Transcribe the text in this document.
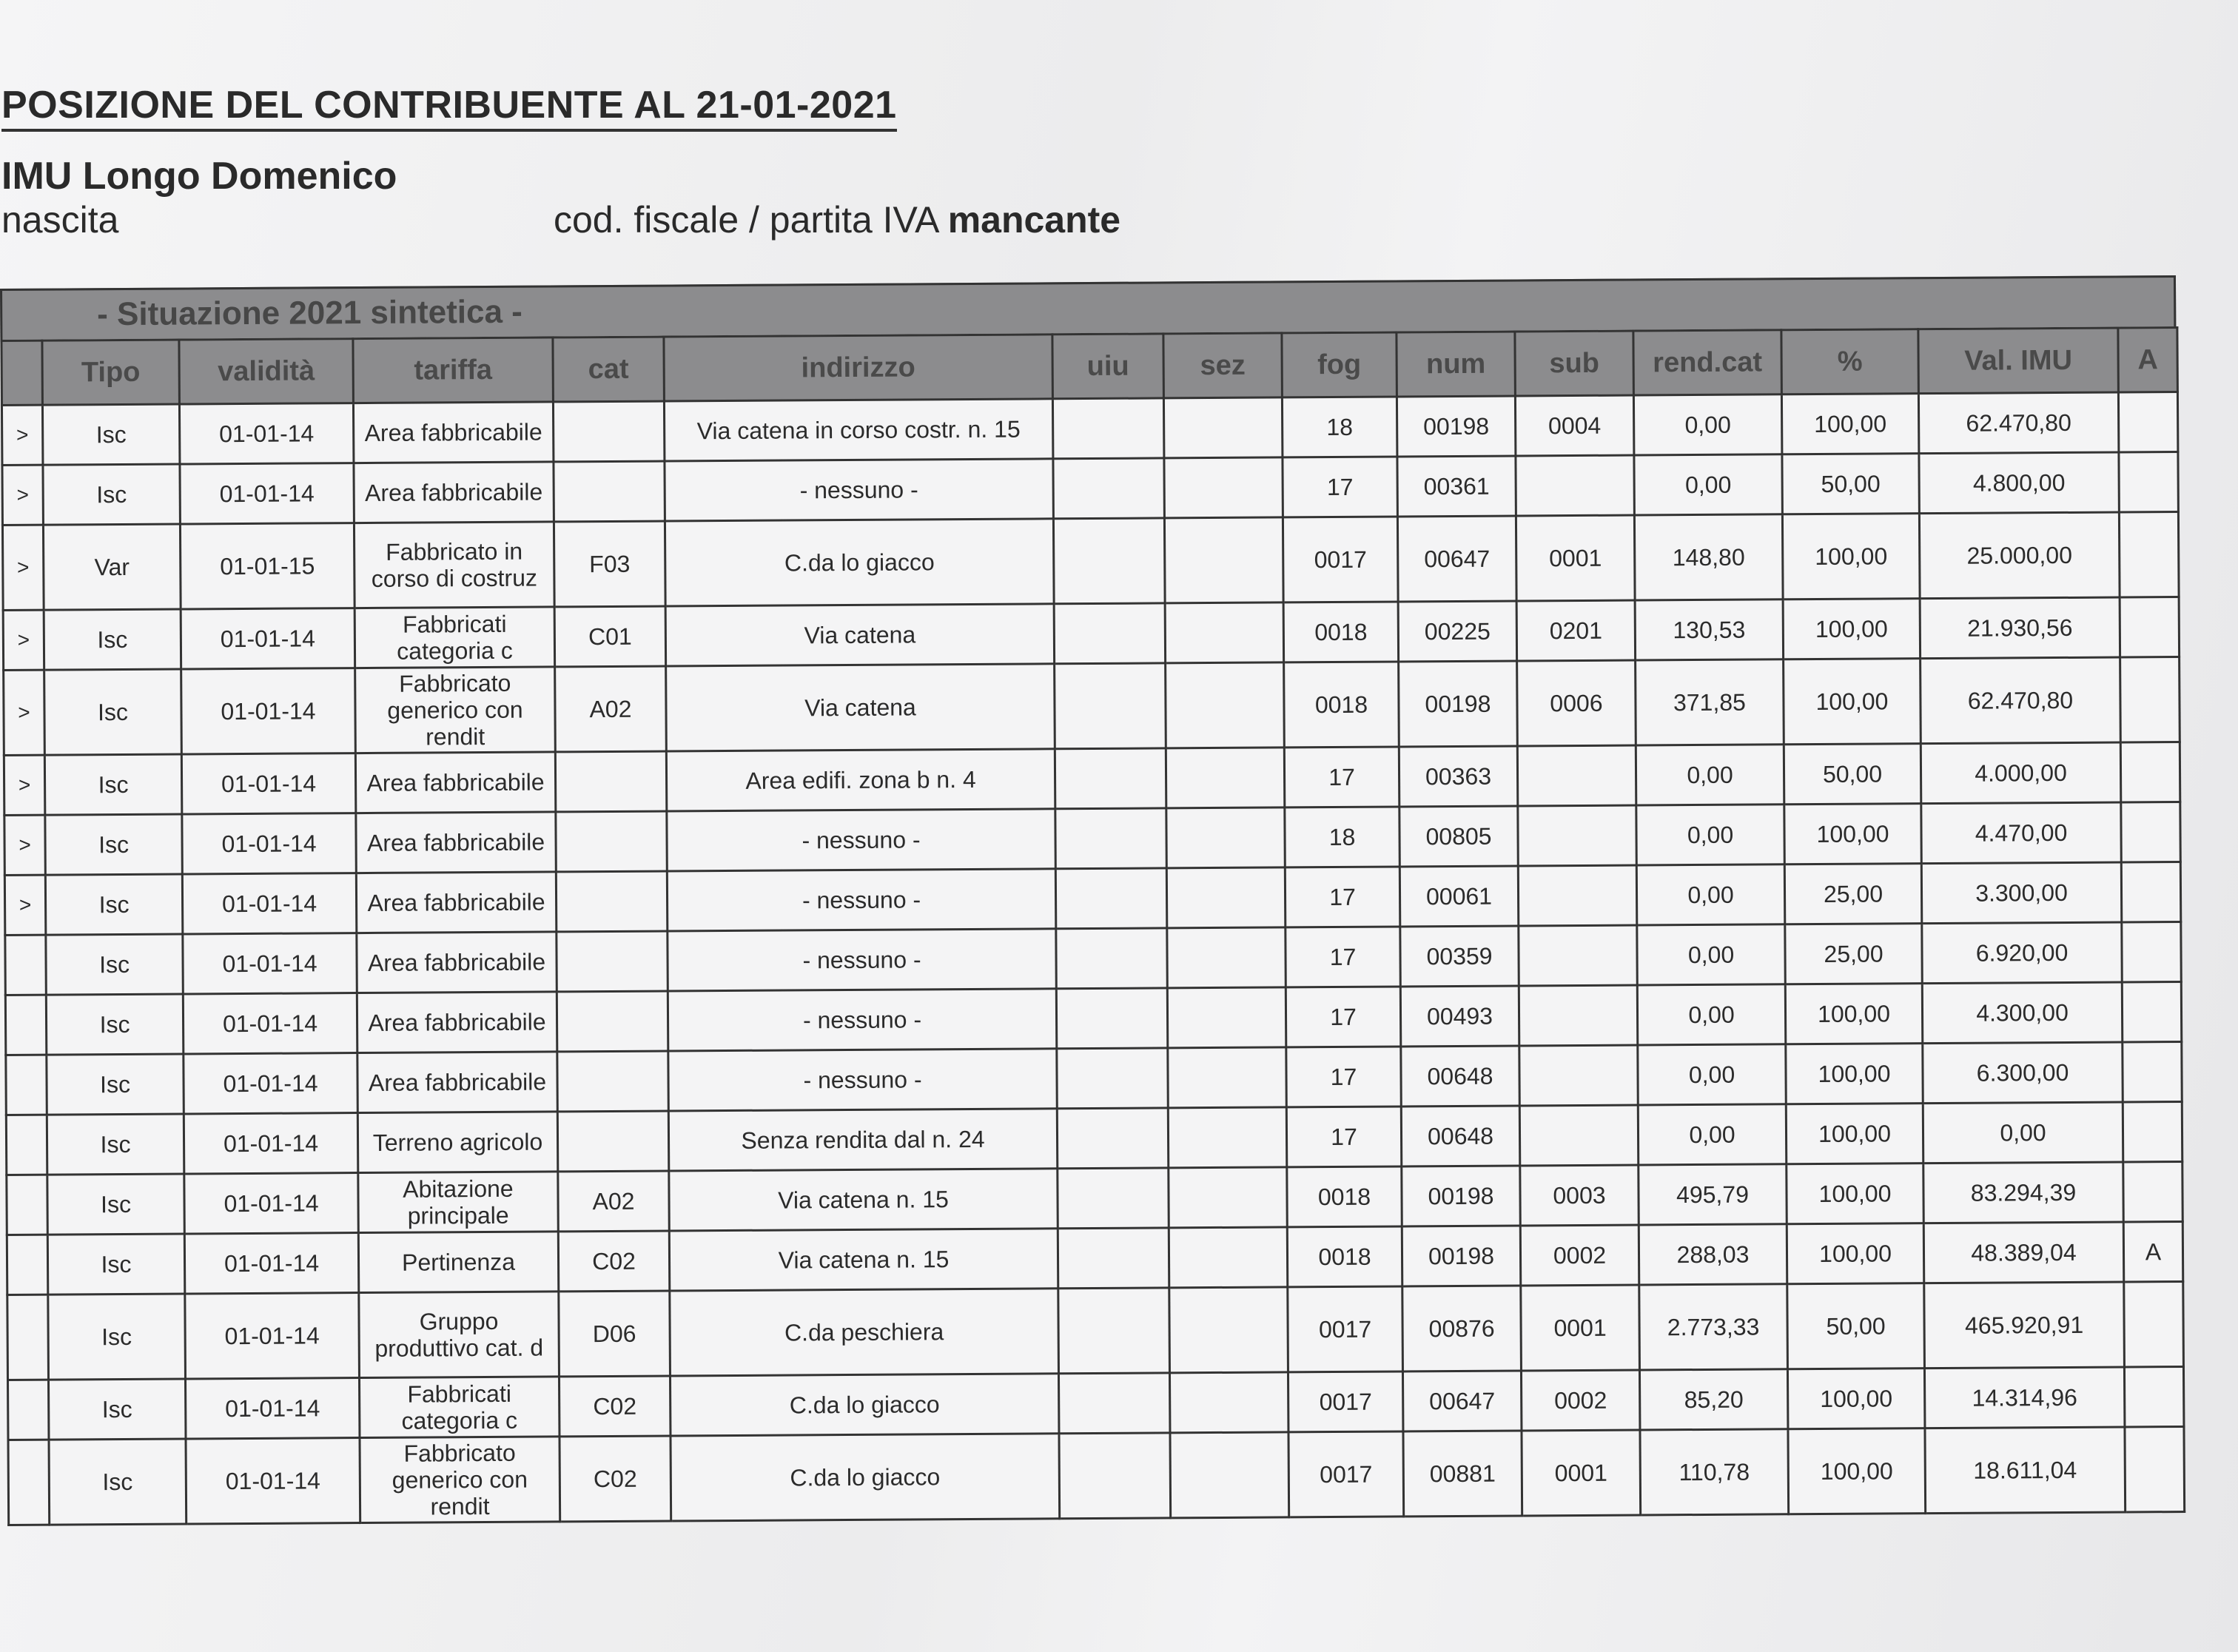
POSIZIONE DEL CONTRIBUENTE AL 21-01-2021
IMU Longo Domenico
nascita	cod. fiscale / partita IVA mancante
- Situazione 2021 sintetica -
	Tipo	validità	tariffa	cat	indirizzo	uiu	sez	fog	num	sub	rend.cat	%	Val. IMU	A
>	Isc	01-01-14	Area fabbricabile		Via catena in corso costr. n. 15			18	00198	0004	0,00	100,00	62.470,80	
>	Isc	01-01-14	Area fabbricabile		- nessuno -			17	00361		0,00	50,00	4.800,00	
>	Var	01-01-15	Fabbricato in corso di costruz	F03	C.da lo giacco			0017	00647	0001	148,80	100,00	25.000,00	
>	Isc	01-01-14	Fabbricati categoria c	C01	Via catena			0018	00225	0201	130,53	100,00	21.930,56	
>	Isc	01-01-14	Fabbricato generico con rendit	A02	Via catena			0018	00198	0006	371,85	100,00	62.470,80	
>	Isc	01-01-14	Area fabbricabile		Area edifi. zona b n. 4			17	00363		0,00	50,00	4.000,00	
>	Isc	01-01-14	Area fabbricabile		- nessuno -			18	00805		0,00	100,00	4.470,00	
>	Isc	01-01-14	Area fabbricabile		- nessuno -			17	00061		0,00	25,00	3.300,00	
	Isc	01-01-14	Area fabbricabile		- nessuno -			17	00359		0,00	25,00	6.920,00	
	Isc	01-01-14	Area fabbricabile		- nessuno -			17	00493		0,00	100,00	4.300,00	
	Isc	01-01-14	Area fabbricabile		- nessuno -			17	00648		0,00	100,00	6.300,00	
	Isc	01-01-14	Terreno agricolo		Senza rendita dal n. 24			17	00648		0,00	100,00	0,00	
	Isc	01-01-14	Abitazione principale	A02	Via catena n. 15			0018	00198	0003	495,79	100,00	83.294,39	
	Isc	01-01-14	Pertinenza	C02	Via catena n. 15			0018	00198	0002	288,03	100,00	48.389,04	A
	Isc	01-01-14	Gruppo produttivo cat. d	D06	C.da peschiera			0017	00876	0001	2.773,33	50,00	465.920,91	
	Isc	01-01-14	Fabbricati categoria c	C02	C.da lo giacco			0017	00647	0002	85,20	100,00	14.314,96	
	Isc	01-01-14	Fabbricato generico con rendit	C02	C.da lo giacco			0017	00881	0001	110,78	100,00	18.611,04	
